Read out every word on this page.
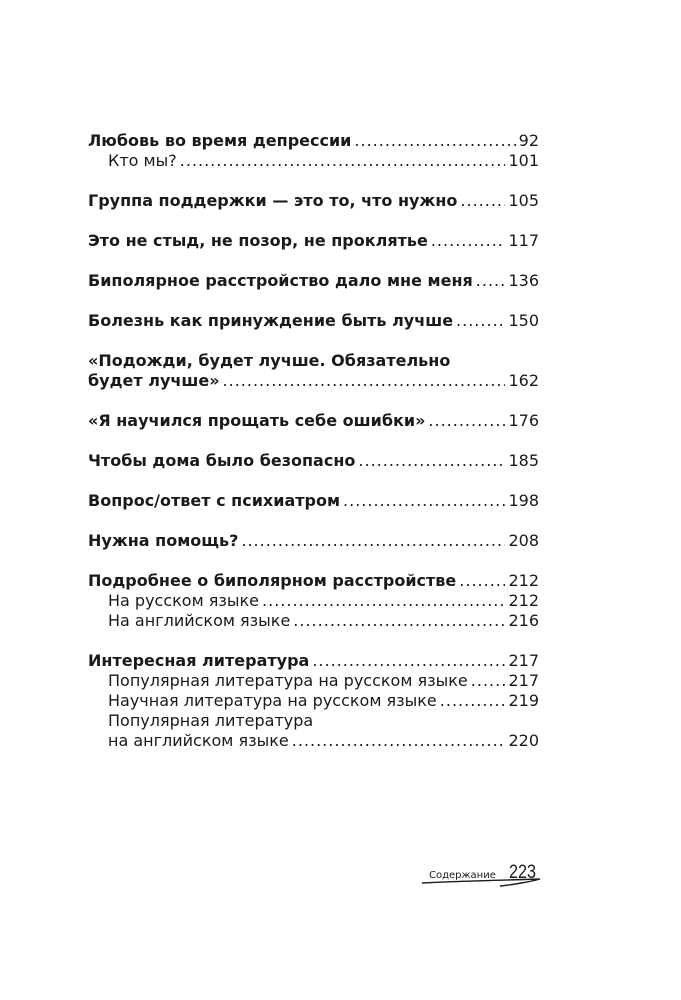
Любовь во время депрессии .....	92
Кто мы? .....	101
Группа поддержки — это то, что нужно .....	105
Это не стыд, не позор, не проклятье .....	117
Биполярное расстройство дало мне меня ..... 136
Болезнь как принуждение быть лучше .....	150
«Подожди, будет лучше. Обязательно
будет лучше» .....	162
«Я научился прощать себе ошибки» .....	176
Чтобы дома было безопасно .....	185
Вопрос/ответ с психиатром .....	198
Нужна помощь? .....	208
Подробнее о биполярном расстройстве .....	212
На русском языке .....	212
На английском языке .....	216
Интересная литература .....	217
Популярная литература на русском языке .....	217
Научная литература на русском языке .....	219
Популярная литература
на английском языке .....	220
Содержание 223
